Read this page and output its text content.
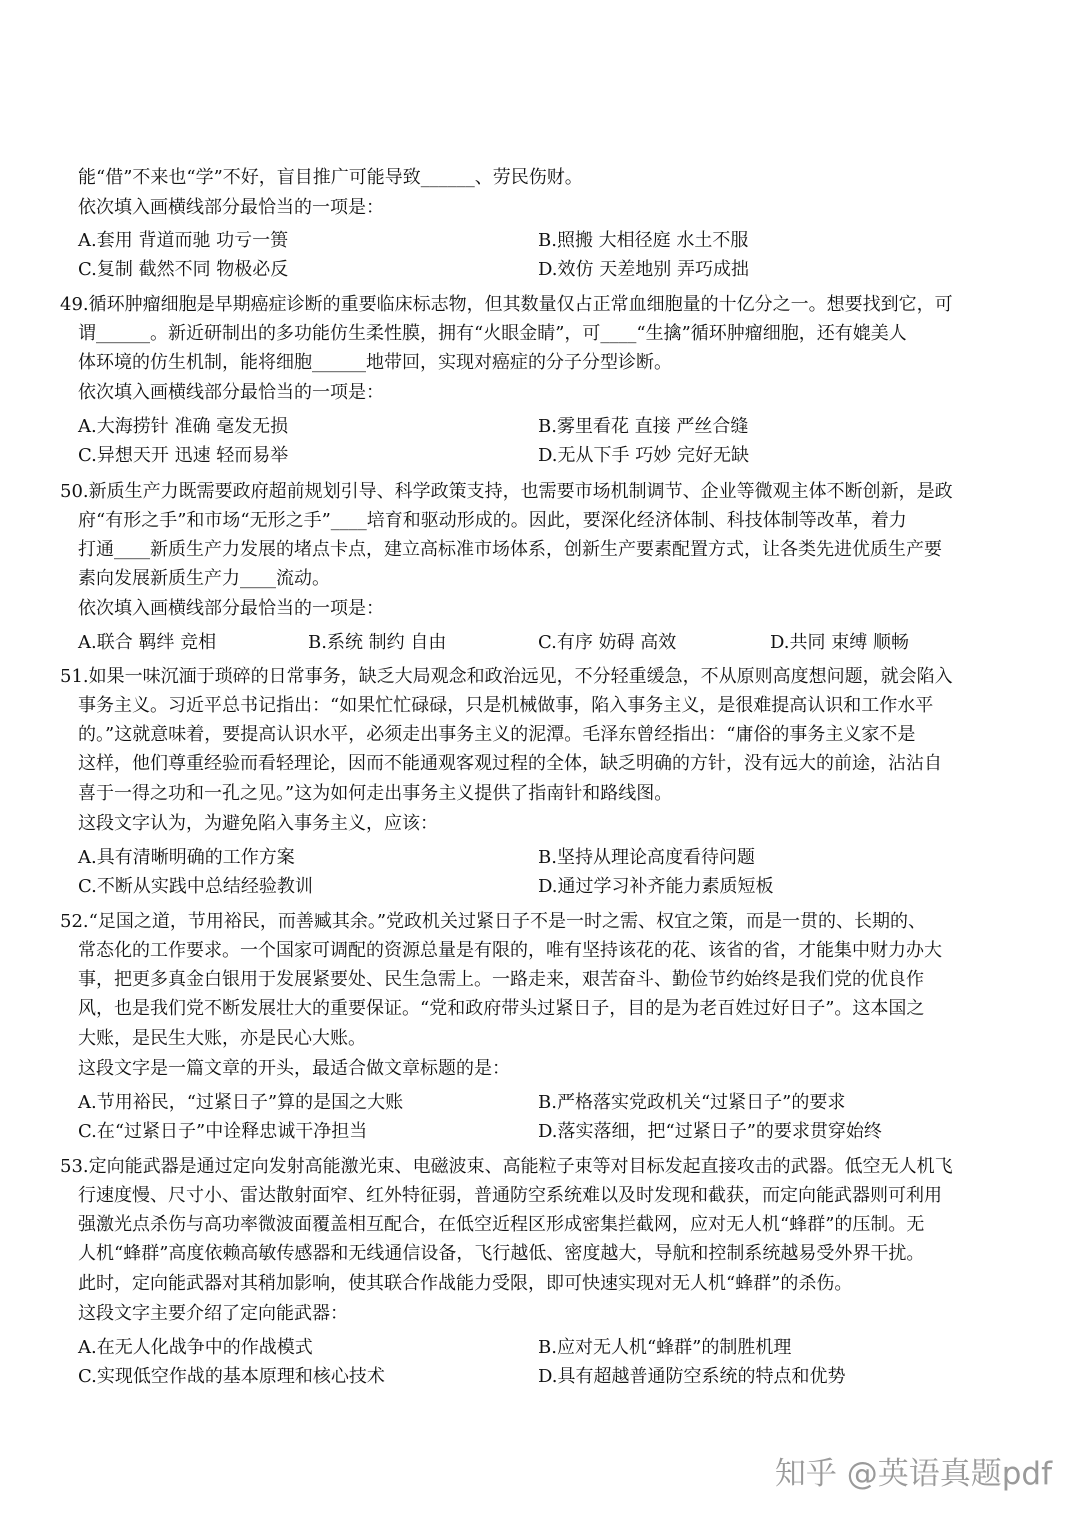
能“借”不来也“学”不好，盲目推广可能导致______、劳民伤财。
依次填入画横线部分最恰当的一项是：
A.套用 背道而驰 功亏一篑	B.照搬 大相径庭 水土不服
C.复制 截然不同 物极必反	D.效仿 天差地别 弄巧成拙
49.循环肿瘤细胞是早期癌症诊断的重要临床标志物，但其数量仅占正常血细胞量的十亿分之一。想要找到它，可
谓______。新近研制出的多功能仿生柔性膜，拥有“火眼金睛”，可____“生擒”循环肿瘤细胞，还有媲美人
体环境的仿生机制，能将细胞______地带回，实现对癌症的分子分型诊断。
依次填入画横线部分最恰当的一项是：
A.大海捞针 准确 毫发无损	B.雾里看花 直接 严丝合缝
C.异想天开 迅速 轻而易举	D.无从下手 巧妙 完好无缺
50.新质生产力既需要政府超前规划引导、科学政策支持，也需要市场机制调节、企业等微观主体不断创新，是政
府“有形之手”和市场“无形之手”____培育和驱动形成的。因此，要深化经济体制、科技体制等改革，着力
打通____新质生产力发展的堵点卡点，建立高标准市场体系，创新生产要素配置方式，让各类先进优质生产要
素向发展新质生产力____流动。
依次填入画横线部分最恰当的一项是：
A.联合 羁绊 竞相	B.系统 制约 自由	C.有序 妨碍 高效	D.共同 束缚 顺畅
51.如果一味沉湎于琐碎的日常事务，缺乏大局观念和政治远见，不分轻重缓急，不从原则高度想问题，就会陷入
事务主义。习近平总书记指出：“如果忙忙碌碌，只是机械做事，陷入事务主义，是很难提高认识和工作水平
的。”这就意味着，要提高认识水平，必须走出事务主义的泥潭。毛泽东曾经指出：“庸俗的事务主义家不是
这样，他们尊重经验而看轻理论，因而不能通观客观过程的全体，缺乏明确的方针，没有远大的前途，沾沾自
喜于一得之功和一孔之见。”这为如何走出事务主义提供了指南针和路线图。
这段文字认为，为避免陷入事务主义，应该：
A.具有清晰明确的工作方案	B.坚持从理论高度看待问题
C.不断从实践中总结经验教训	D.通过学习补齐能力素质短板
52.“足国之道，节用裕民，而善臧其余。”党政机关过紧日子不是一时之需、权宜之策，而是一贯的、长期的、
常态化的工作要求。一个国家可调配的资源总量是有限的，唯有坚持该花的花、该省的省，才能集中财力办大
事，把更多真金白银用于发展紧要处、民生急需上。一路走来，艰苦奋斗、勤俭节约始终是我们党的优良作
风，也是我们党不断发展壮大的重要保证。“党和政府带头过紧日子，目的是为老百姓过好日子”。这本国之
大账，是民生大账，亦是民心大账。
这段文字是一篇文章的开头，最适合做文章标题的是：
A.节用裕民，“过紧日子”算的是国之大账	B.严格落实党政机关“过紧日子”的要求
C.在“过紧日子”中诠释忠诚干净担当	D.落实落细，把“过紧日子”的要求贯穿始终
53.定向能武器是通过定向发射高能激光束、电磁波束、高能粒子束等对目标发起直接攻击的武器。低空无人机飞
行速度慢、尺寸小、雷达散射面窄、红外特征弱，普通防空系统难以及时发现和截获，而定向能武器则可利用
强激光点杀伤与高功率微波面覆盖相互配合，在低空近程区形成密集拦截网，应对无人机“蜂群”的压制。无
人机“蜂群”高度依赖高敏传感器和无线通信设备，飞行越低、密度越大，导航和控制系统越易受外界干扰。
此时，定向能武器对其稍加影响，使其联合作战能力受限，即可快速实现对无人机“蜂群”的杀伤。
这段文字主要介绍了定向能武器：
A.在无人化战争中的作战模式	B.应对无人机“蜂群”的制胜机理
C.实现低空作战的基本原理和核心技术	D.具有超越普通防空系统的特点和优势
知乎 @英语真题pdf
